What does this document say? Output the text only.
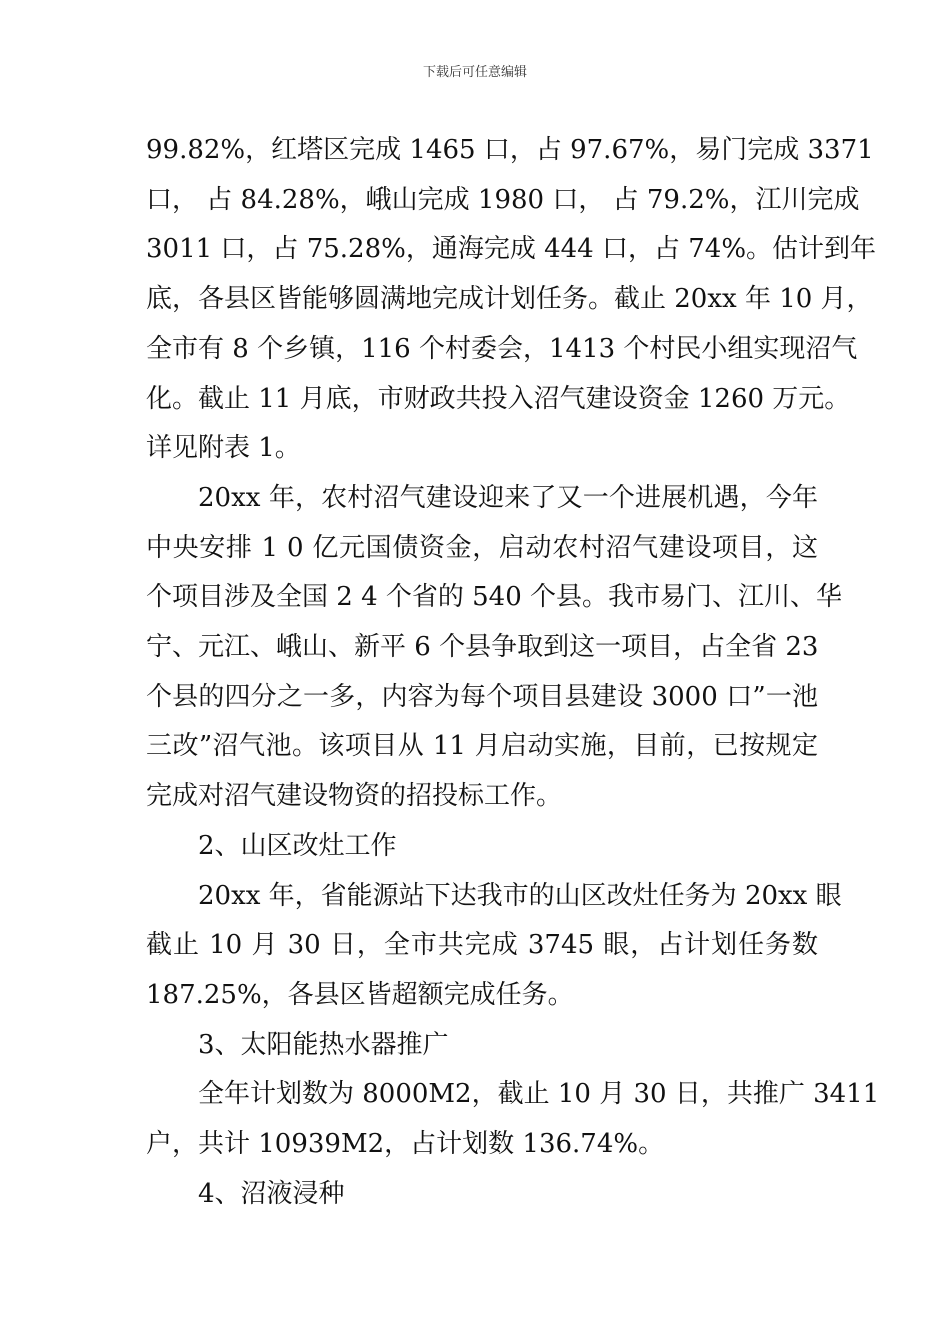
下载后可任意编辑
99.82%，红塔区完成 1465 口，占 97.67%，易门完成 3371
口， 占 84.28%，峨山完成 1980 口， 占 79.2%，江川完成
3011 口，占 75.28%，通海完成 444 口，占 74%。估计到年
底，各县区皆能够圆满地完成计划任务。截止 20xx 年 10 月，
全市有 8 个乡镇，116 个村委会，1413 个村民小组实现沼气
化。截止 11 月底，市财政共投入沼气建设资金 1260 万元。
详见附表 1。
20xx 年，农村沼气建设迎来了又一个进展机遇，今年
中央安排 1 0 亿元国债资金，启动农村沼气建设项目，这
个项目涉及全国 2 4 个省的 540 个县。我市易门、江川、华
宁、元江、峨山、新平 6 个县争取到这一项目，占全省 23
个县的四分之一多，内容为每个项目县建设 3000 口”一池
三改”沼气池。该项目从 11 月启动实施，目前，已按规定
完成对沼气建设物资的招投标工作。
2、山区改灶工作
20xx 年，省能源站下达我市的山区改灶任务为 20xx 眼
截止 10 月 30 日，全市共完成 3745 眼，占计划任务数
187.25%，各县区皆超额完成任务。
3、太阳能热水器推广
全年计划数为 8000M2，截止 10 月 30 日，共推广 3411
户，共计 10939M2，占计划数 136.74%。
4、沼液浸种
